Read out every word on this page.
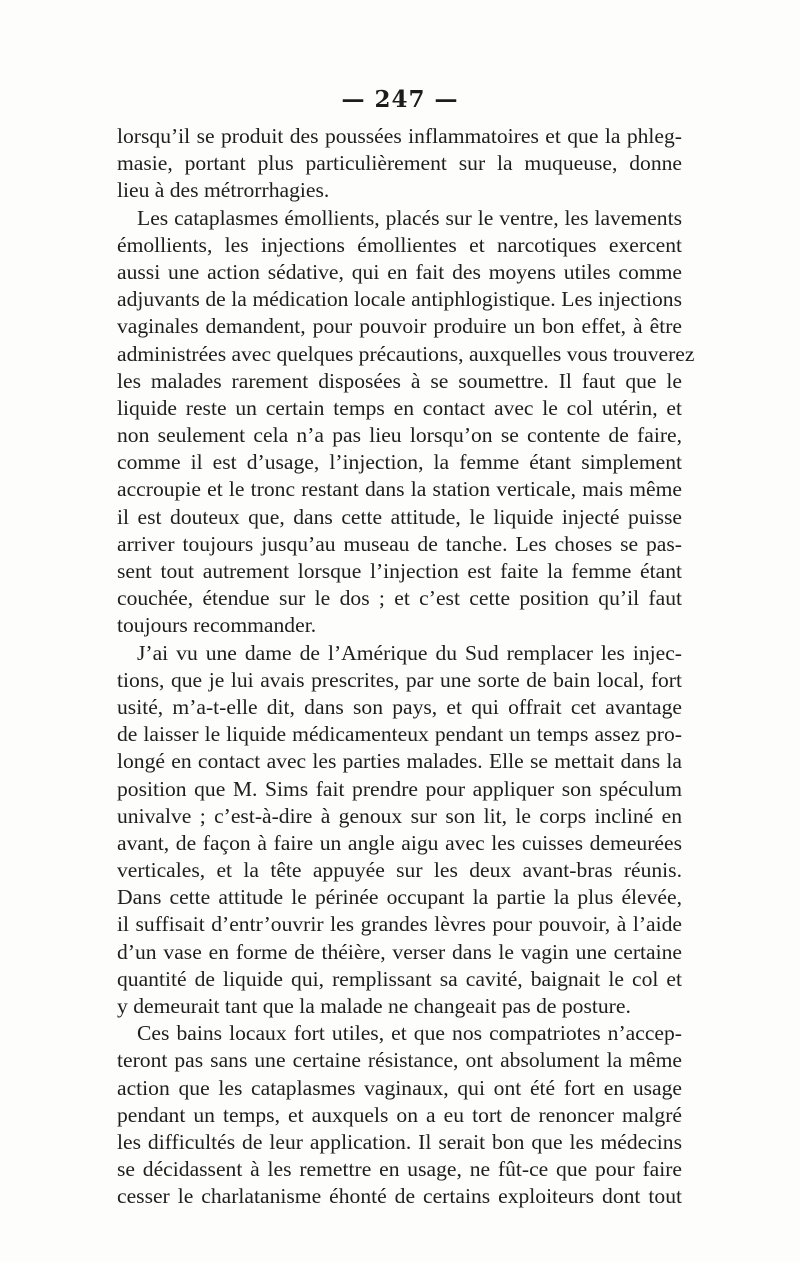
— 247 —
lorsqu’il se produit des poussées inflammatoires et que la phleg-
masie, portant plus particulièrement sur la muqueuse, donne
lieu à des métrorrhagies.
Les cataplasmes émollients, placés sur le ventre, les lavements
émollients, les injections émollientes et narcotiques exercent
aussi une action sédative, qui en fait des moyens utiles comme
adjuvants de la médication locale antiphlogistique. Les injections
vaginales demandent, pour pouvoir produire un bon effet, à être
administrées avec quelques précautions, auxquelles vous trouverez
les malades rarement disposées à se soumettre. Il faut que le
liquide reste un certain temps en contact avec le col utérin, et
non seulement cela n’a pas lieu lorsqu’on se contente de faire,
comme il est d’usage, l’injection, la femme étant simplement
accroupie et le tronc restant dans la station verticale, mais même
il est douteux que, dans cette attitude, le liquide injecté puisse
arriver toujours jusqu’au museau de tanche. Les choses se pas-
sent tout autrement lorsque l’injection est faite la femme étant
couchée, étendue sur le dos ; et c’est cette position qu’il faut
toujours recommander.
J’ai vu une dame de l’Amérique du Sud remplacer les injec-
tions, que je lui avais prescrites, par une sorte de bain local, fort
usité, m’a-t-elle dit, dans son pays, et qui offrait cet avantage
de laisser le liquide médicamenteux pendant un temps assez pro-
longé en contact avec les parties malades. Elle se mettait dans la
position que M. Sims fait prendre pour appliquer son spéculum
univalve ; c’est-à-dire à genoux sur son lit, le corps incliné en
avant, de façon à faire un angle aigu avec les cuisses demeurées
verticales, et la tête appuyée sur les deux avant-bras réunis.
Dans cette attitude le périnée occupant la partie la plus élevée,
il suffisait d’entr’ouvrir les grandes lèvres pour pouvoir, à l’aide
d’un vase en forme de théière, verser dans le vagin une certaine
quantité de liquide qui, remplissant sa cavité, baignait le col et
y demeurait tant que la malade ne changeait pas de posture.
Ces bains locaux fort utiles, et que nos compatriotes n’accep-
teront pas sans une certaine résistance, ont absolument la même
action que les cataplasmes vaginaux, qui ont été fort en usage
pendant un temps, et auxquels on a eu tort de renoncer malgré
les difficultés de leur application. Il serait bon que les médecins
se décidassent à les remettre en usage, ne fût-ce que pour faire
cesser le charlatanisme éhonté de certains exploiteurs dont tout
